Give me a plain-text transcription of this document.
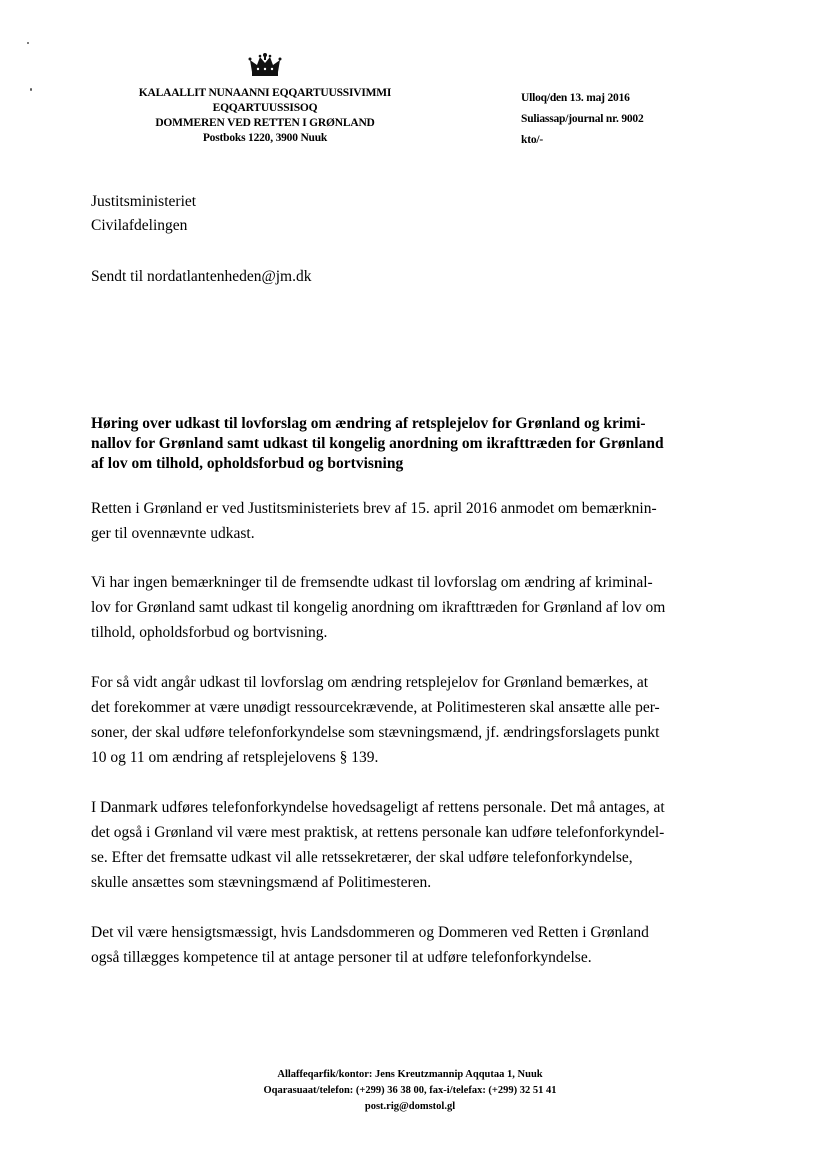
KALAALLIT NUNAANNI EQQARTUUSSIVIMMI
EQQARTUUSSISOQ
DOMMEREN VED RETTEN I GRØNLAND
Postboks 1220, 3900 Nuuk
Ulloq/den 13. maj 2016
Suliassap/journal nr. 9002
kto/-
Justitsministeriet
Civilafdelingen
Sendt til nordatlantenheden@jm.dk
Høring over udkast til lovforslag om ændring af retsplejelov for Grønland og krimi-
nallov for Grønland samt udkast til kongelig anordning om ikrafttræden for Grønland
af lov om tilhold, opholdsforbud og bortvisning
Retten i Grønland er ved Justitsministeriets brev af 15. april 2016 anmodet om bemærknin-
ger til ovennævnte udkast.
Vi har ingen bemærkninger til de fremsendte udkast til lovforslag om ændring af kriminal-
lov for Grønland samt udkast til kongelig anordning om ikrafttræden for Grønland af lov om
tilhold, opholdsforbud og bortvisning.
For så vidt angår udkast til lovforslag om ændring retsplejelov for Grønland bemærkes, at
det forekommer at være unødigt ressourcekrævende, at Politimesteren skal ansætte alle per-
soner, der skal udføre telefonforkyndelse som stævningsmænd, jf. ændringsforslagets punkt
10 og 11 om ændring af retsplejelovens § 139.
I Danmark udføres telefonforkyndelse hovedsageligt af rettens personale. Det må antages, at
det også i Grønland vil være mest praktisk, at rettens personale kan udføre telefonforkyndel-
se. Efter det fremsatte udkast vil alle retssekretærer, der skal udføre telefonforkyndelse,
skulle ansættes som stævningsmænd af Politimesteren.
Det vil være hensigtsmæssigt, hvis Landsdommeren og Dommeren ved Retten i Grønland
også tillægges kompetence til at antage personer til at udføre telefonforkyndelse.
Allaffeqarfik/kontor: Jens Kreutzmannip Aqqutaa 1, Nuuk
Oqarasuaat/telefon: (+299) 36 38 00, fax-i/telefax: (+299) 32 51 41
post.rig@domstol.gl
